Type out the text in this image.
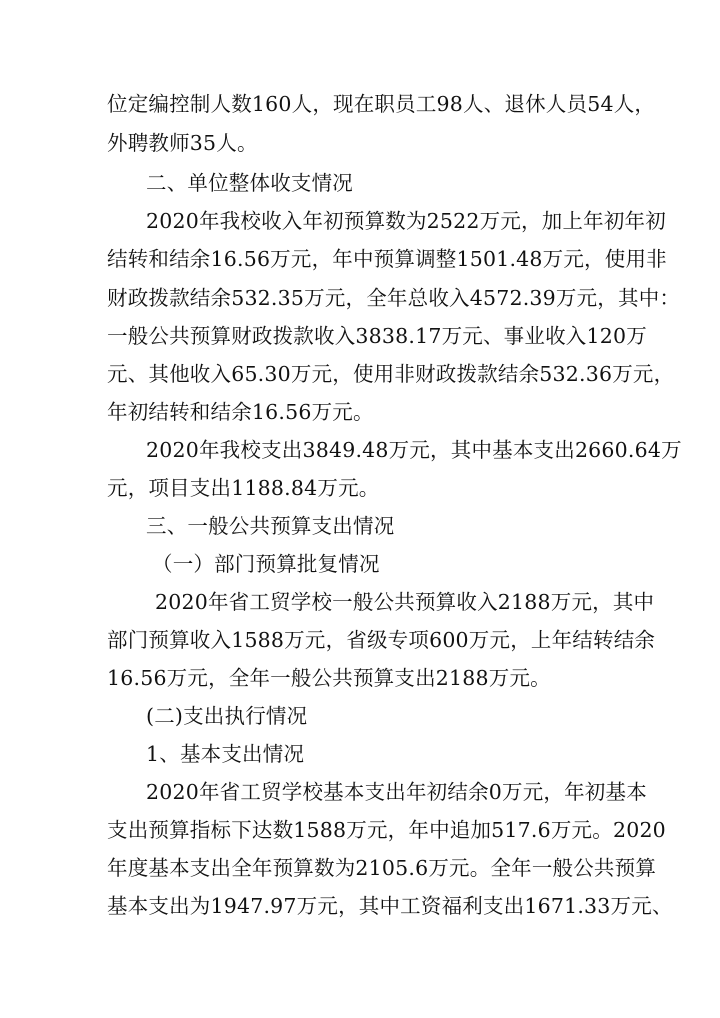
位定编控制人数160人，现在职员工98人、退休人员54人，
外聘教师35人。
二、单位整体收支情况
2020年我校收入年初预算数为2522万元，加上年初年初
结转和结余16.56万元，年中预算调整1501.48万元，使用非
财政拨款结余532.35万元，全年总收入4572.39万元，其中：
一般公共预算财政拨款收入3838.17万元、事业收入120万
元、其他收入65.30万元，使用非财政拨款结余532.36万元，
年初结转和结余16.56万元。
2020年我校支出3849.48万元，其中基本支出2660.64万
元，项目支出1188.84万元。
三、一般公共预算支出情况
（一）部门预算批复情况
2020年省工贸学校一般公共预算收入2188万元，其中
部门预算收入1588万元，省级专项600万元，上年结转结余
16.56万元，全年一般公共预算支出2188万元。
(二)支出执行情况
1、基本支出情况
2020年省工贸学校基本支出年初结余0万元，年初基本
支出预算指标下达数1588万元，年中追加517.6万元。2020
年度基本支出全年预算数为2105.6万元。全年一般公共预算
基本支出为1947.97万元，其中工资福利支出1671.33万元、
